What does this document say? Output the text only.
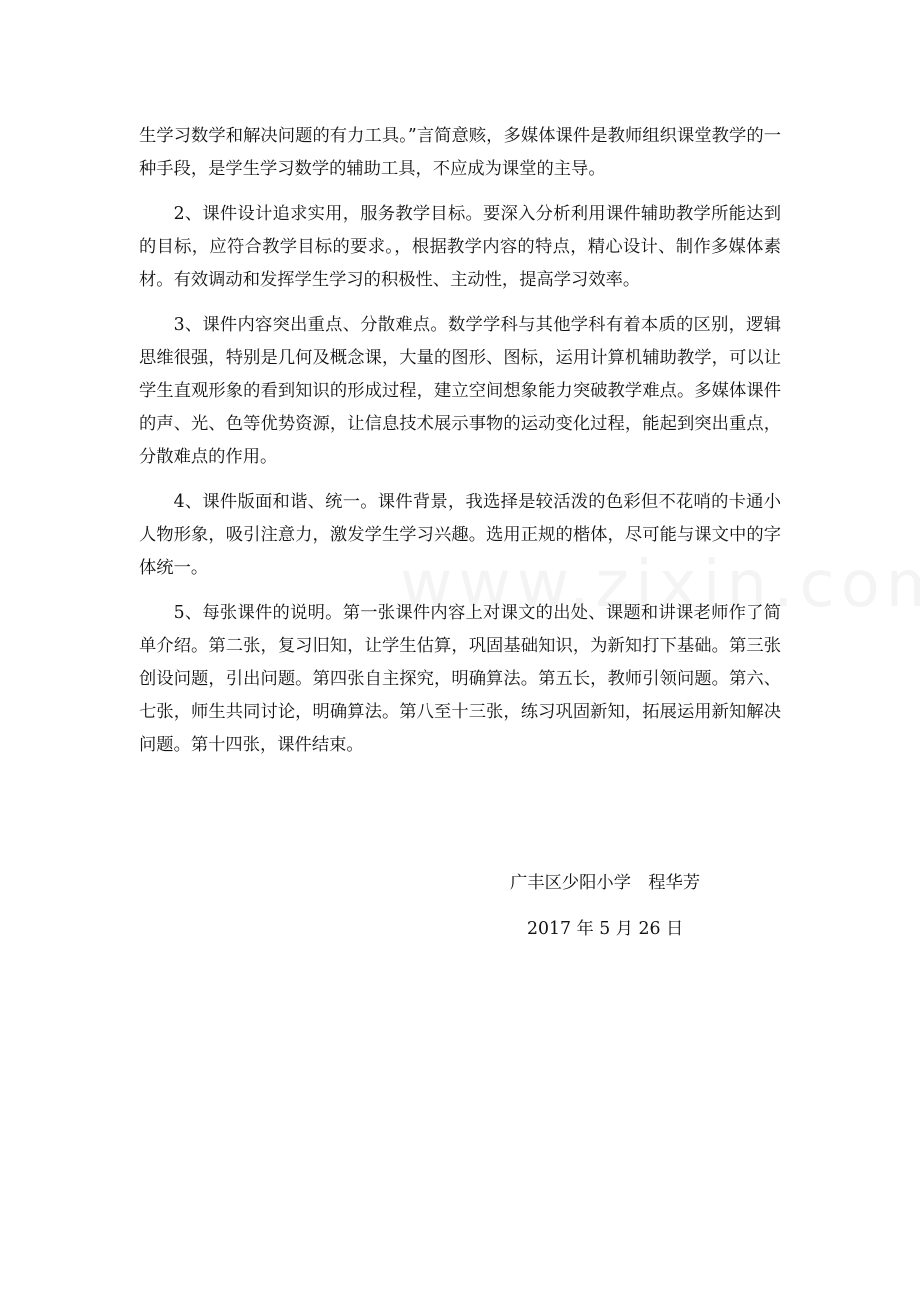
生学习数学和解决问题的有力工具。”言简意赅，多媒体课件是教师组织课堂教学的一种手段，是学生学习数学的辅助工具，不应成为课堂的主导。

2、课件设计追求实用，服务教学目标。要深入分析利用课件辅助教学所能达到的目标，应符合教学目标的要求。，根据教学内容的特点，精心设计、制作多媒体素材。有效调动和发挥学生学习的积极性、主动性，提高学习效率。

3、课件内容突出重点、分散难点。数学学科与其他学科有着本质的区别，逻辑思维很强，特别是几何及概念课，大量的图形、图标，运用计算机辅助教学，可以让学生直观形象的看到知识的形成过程，建立空间想象能力突破教学难点。多媒体课件的声、光、色等优势资源，让信息技术展示事物的运动变化过程，能起到突出重点，分散难点的作用。

4、课件版面和谐、统一。课件背景，我选择是较活泼的色彩但不花哨的卡通小人物形象，吸引注意力，激发学生学习兴趣。选用正规的楷体，尽可能与课文中的字体统一。

5、每张课件的说明。第一张课件内容上对课文的出处、课题和讲课老师作了简单介绍。第二张，复习旧知，让学生估算，巩固基础知识，为新知打下基础。第三张创设问题，引出问题。第四张自主探究，明确算法。第五长，教师引领问题。第六、七张，师生共同讨论，明确算法。第八至十三张，练习巩固新知，拓展运用新知解决问题。第十四张，课件结束。

广丰区少阳小学　程华芳
2017 年 5 月 26 日
